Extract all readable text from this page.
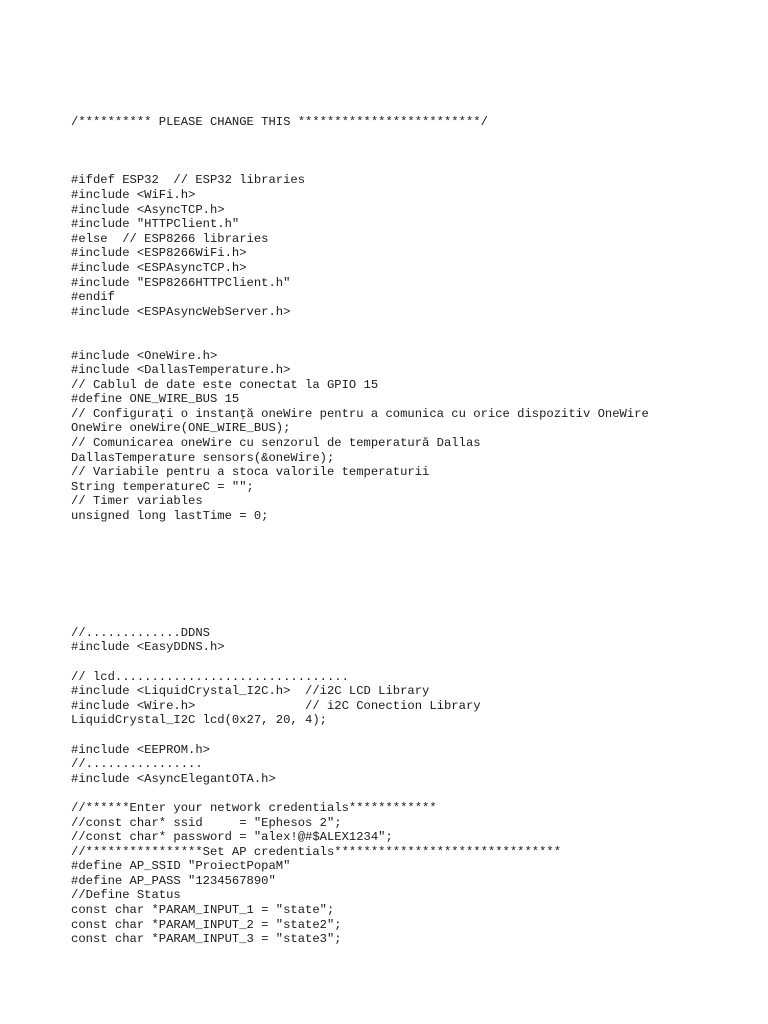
/********** PLEASE CHANGE THIS *************************/
#ifdef ESP32  // ESP32 libraries
#include <WiFi.h>
#include <AsyncTCP.h>
#include "HTTPClient.h"
#else  // ESP8266 libraries
#include <ESP8266WiFi.h>
#include <ESPAsyncTCP.h>
#include "ESP8266HTTPClient.h"
#endif
#include <ESPAsyncWebServer.h>
#include <OneWire.h>
#include <DallasTemperature.h>
// Cablul de date este conectat la GPIO 15
#define ONE_WIRE_BUS 15
// Configurați o instanță oneWire pentru a comunica cu orice dispozitiv OneWire
OneWire oneWire(ONE_WIRE_BUS);
// Comunicarea oneWire cu senzorul de temperatură Dallas
DallasTemperature sensors(&oneWire);
// Variabile pentru a stoca valorile temperaturii
String temperatureC = "";
// Timer variables
unsigned long lastTime = 0;
//.............DDNS
#include <EasyDDNS.h>
// lcd................................
#include <LiquidCrystal_I2C.h>  //i2C LCD Library
#include <Wire.h>               // i2C Conection Library
LiquidCrystal_I2C lcd(0x27, 20, 4);
#include <EEPROM.h>
//................
#include <AsyncElegantOTA.h>
//******Enter your network credentials************
//const char* ssid     = "Ephesos 2";
//const char* password = "alex!@#$ALEX1234";
//****************Set AP credentials*******************************
#define AP_SSID "ProiectPopaM"
#define AP_PASS "1234567890"
//Define Status
const char *PARAM_INPUT_1 = "state";
const char *PARAM_INPUT_2 = "state2";
const char *PARAM_INPUT_3 = "state3";
